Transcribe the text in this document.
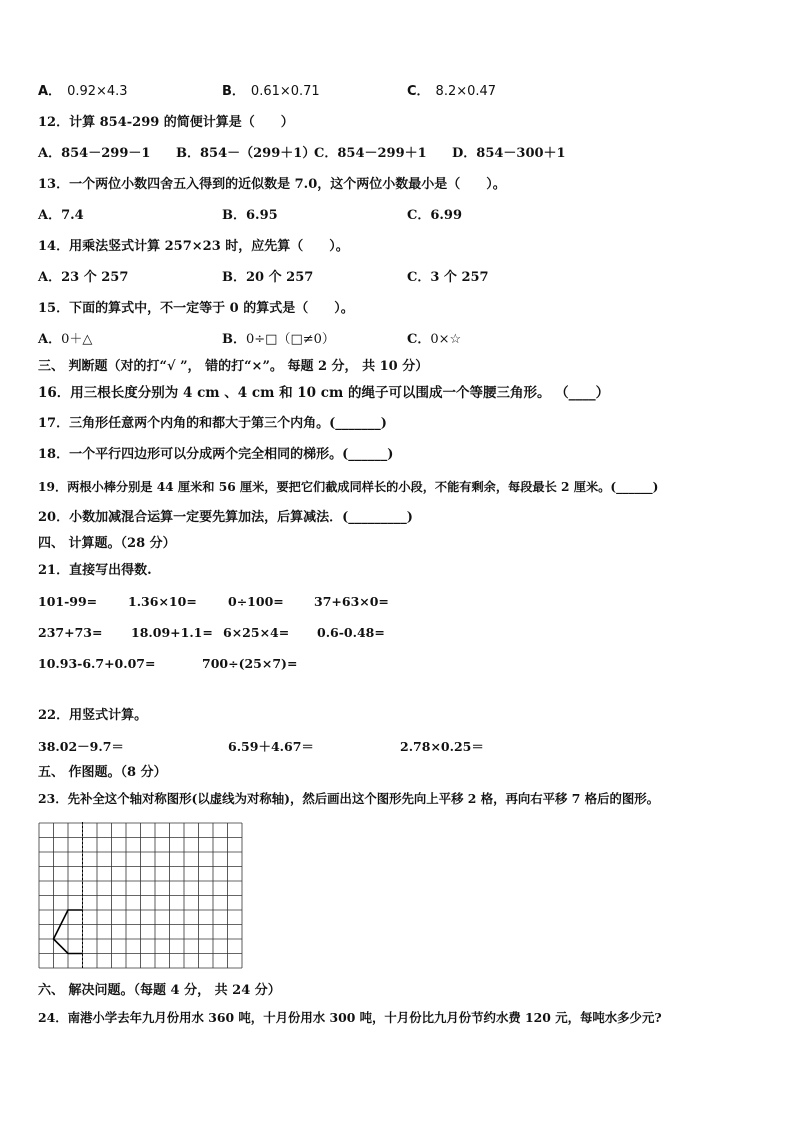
A． 0.92×4.3	B． 0.61×0.71	C． 8.2×0.47
12．计算 854-299 的简便计算是（　　）
A．854－299－1 B．854－（299＋1）
C．854－299＋1 D．854－300＋1
13．一个两位小数四舍五入得到的近似数是 7.0，这个两位小数最小是（　　）。
A．7.4	B．6.95	C．6.99
14．用乘法竖式计算 257×23 时，应先算（　　）。
A．23 个 257	B．20 个 257	C．3 个 257
15．下面的算式中，不一定等于 0 的算式是（　　）。
A．0＋△	B．0÷□（□≠0）	C．0×☆
三、 判断题（对的打“√ ”， 错的打“×”。 每题 2 分， 共 10 分）
16．用三根长度分别为 4 cm 、4 cm 和 10 cm 的绳子可以围成一个等腰三角形。 （____）
17．三角形任意两个内角的和都大于第三个内角。(_______)
18．一个平行四边形可以分成两个完全相同的梯形。(______)
19．两根小棒分别是 44 厘米和 56 厘米，要把它们截成同样长的小段，不能有剩余，每段最长 2 厘米。(______)
20．小数加减混合运算一定要先算加法，后算减法．(_________)
四、 计算题。（28 分）
21．直接写出得数.
101-99= 1.36×10= 0÷100= 37+63×0=
237+73= 18.09+1.1= 6×25×4= 0.6-0.48=
10.93-6.7+0.07=	700÷(25×7)=
22．用竖式计算。
38.02－9.7＝	6.59＋4.67＝	2.78×0.25＝
五、 作图题。（8 分）
23．先补全这个轴对称图形(以虚线为对称轴)，然后画出这个图形先向上平移 2 格，再向右平移 7 格后的图形。
六、 解决问题。（每题 4 分， 共 24 分）
24．南港小学去年九月份用水 360 吨，十月份用水 300 吨，十月份比九月份节约水费 120 元，每吨水多少元?
